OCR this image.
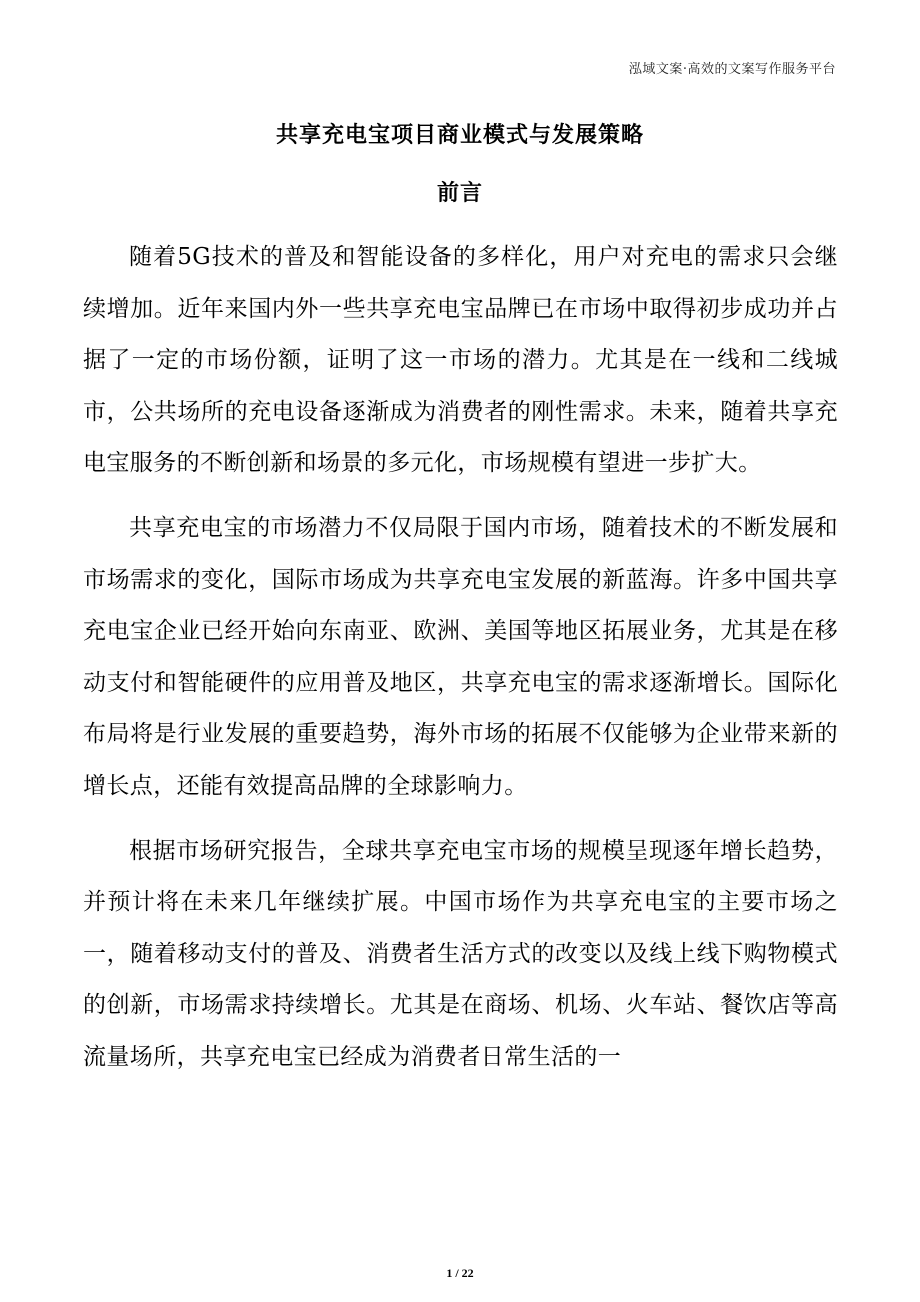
泓域文案·高效的文案写作服务平台
共享充电宝项目商业模式与发展策略
前言

随着5G技术的普及和智能设备的多样化，用户对充电的需求只会继续增加。近年来国内外一些共享充电宝品牌已在市场中取得初步成功并占据了一定的市场份额，证明了这一市场的潜力。尤其是在一线和二线城市，公共场所的充电设备逐渐成为消费者的刚性需求。未来，随着共享充电宝服务的不断创新和场景的多元化，市场规模有望进一步扩大。

共享充电宝的市场潜力不仅局限于国内市场，随着技术的不断发展和市场需求的变化，国际市场成为共享充电宝发展的新蓝海。许多中国共享充电宝企业已经开始向东南亚、欧洲、美国等地区拓展业务，尤其是在移动支付和智能硬件的应用普及地区，共享充电宝的需求逐渐增长。国际化布局将是行业发展的重要趋势，海外市场的拓展不仅能够为企业带来新的增长点，还能有效提高品牌的全球影响力。

根据市场研究报告，全球共享充电宝市场的规模呈现逐年增长趋势，并预计将在未来几年继续扩展。中国市场作为共享充电宝的主要市场之一，随着移动支付的普及、消费者生活方式的改变以及线上线下购物模式的创新，市场需求持续增长。尤其是在商场、机场、火车站、餐饮店等高流量场所，共享充电宝已经成为消费者日常生活的一

1 / 22
